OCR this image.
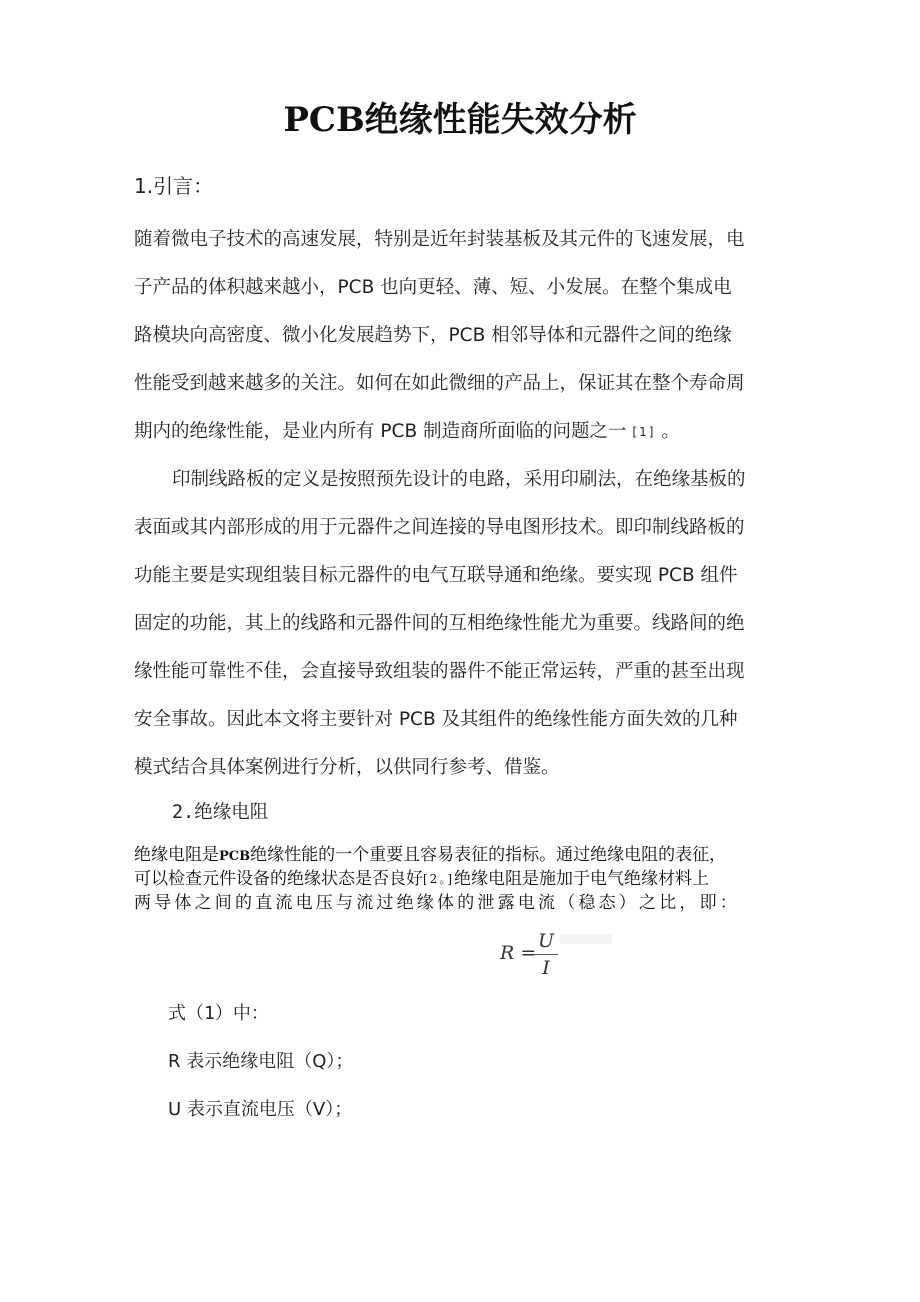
PCB绝缘性能失效分析
1.引言：
随着微电子技术的高速发展，特别是近年封装基板及其元件的飞速发展，电
子产品的体积越来越小，PCB 也向更轻、薄、短、小发展。在整个集成电
路模块向高密度、微小化发展趋势下，PCB 相邻导体和元器件之间的绝缘
性能受到越来越多的关注。如何在如此微细的产品上，保证其在整个寿命周
期内的绝缘性能，是业内所有 PCB 制造商所面临的问题之一 [1] 。
印制线路板的定义是按照预先设计的电路，采用印刷法，在绝缘基板的
表面或其内部形成的用于元器件之间连接的导电图形技术。即印制线路板的
功能主要是实现组装目标元器件的电气互联导通和绝缘。要实现 PCB 组件
固定的功能，其上的线路和元器件间的互相绝缘性能尤为重要。线路间的绝
缘性能可靠性不佳，会直接导致组装的器件不能正常运转，严重的甚至出现
安全事故。因此本文将主要针对 PCB 及其组件的绝缘性能方面失效的几种
模式结合具体案例进行分析，以供同行参考、借鉴。
2.绝缘电阻
绝缘电阻是PCB绝缘性能的一个重要且容易表征的指标。通过绝缘电阻的表征，
可以检查元件设备的绝缘状态是否良好[2。]绝缘电阻是施加于电气绝缘材料上
两导体之间的直流电压与流过绝缘体的泄露电流（稳态）之比，即：
R =
U
I
式（1）中：
R 表示绝缘电阻（Q）；
U 表示直流电压（V）；
